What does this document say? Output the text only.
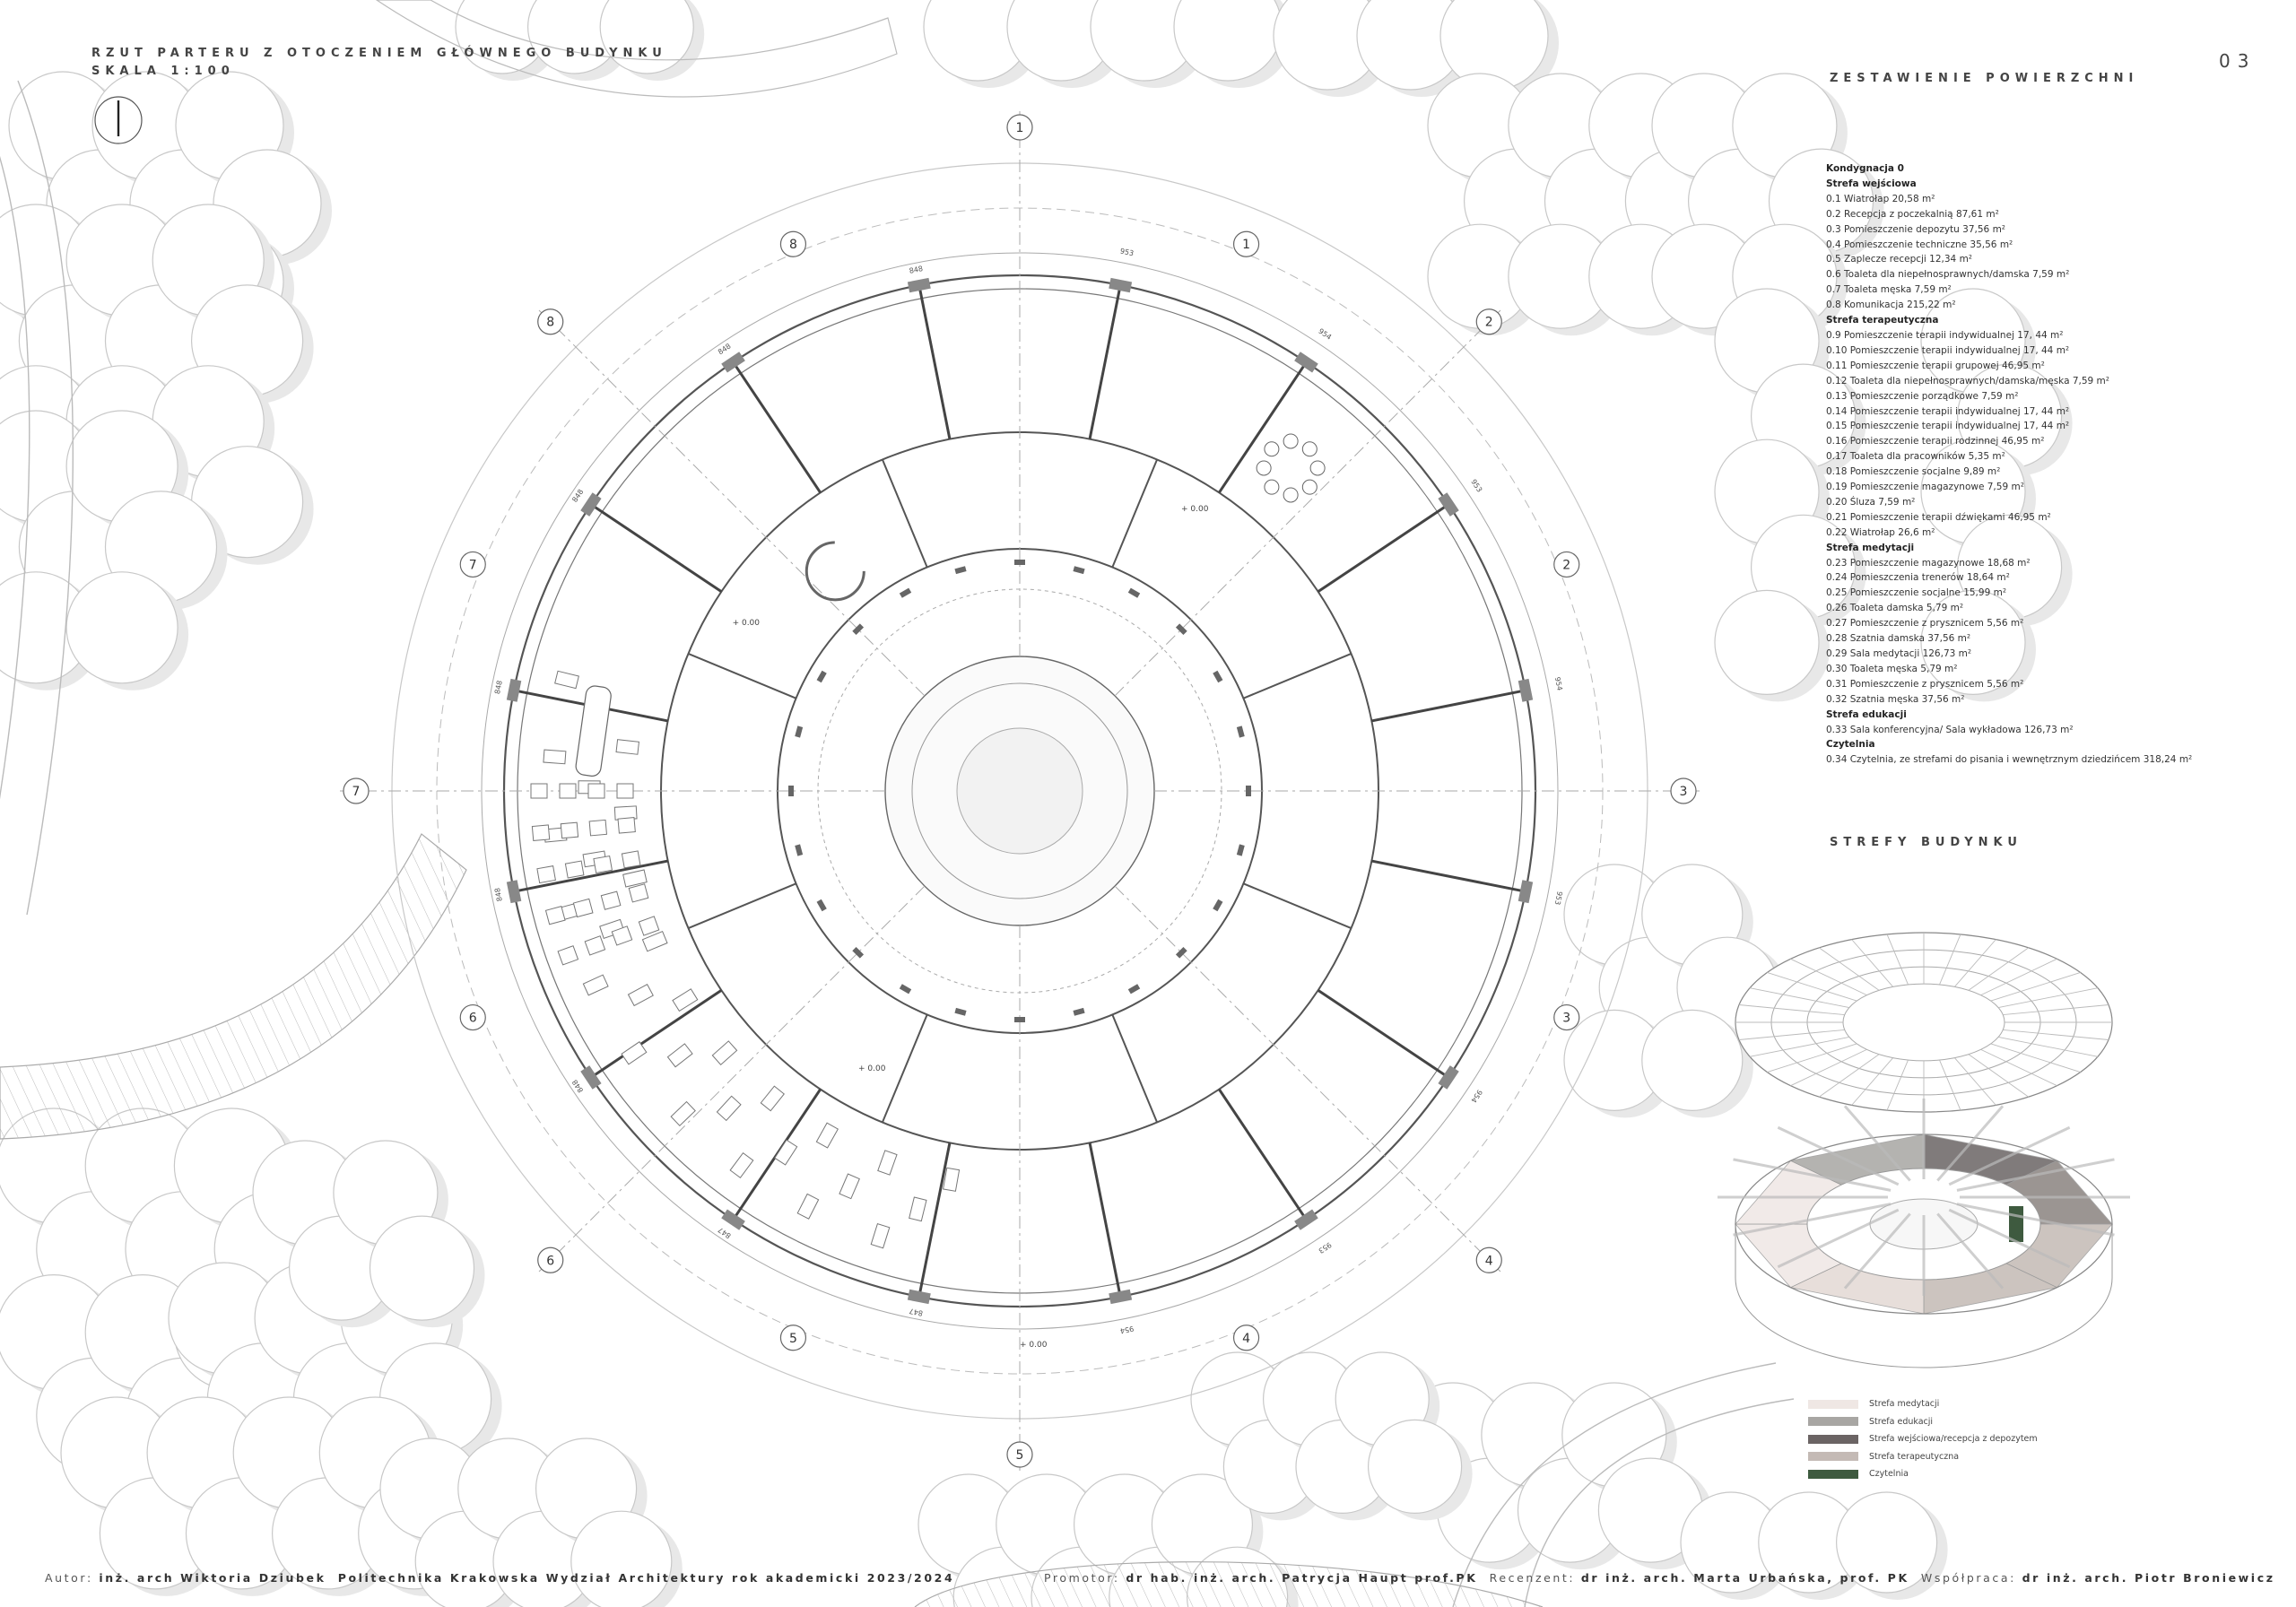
1
2
3
4
5
6
7
8
1
2
3
4
5
6
7
8
+ 0.00
+ 0.00
+ 0.00
+ 0.00
953
954
953
954
953
954
953
954
847
847
848
848
848
848
848
848
RZUT PARTERU Z OTOCZENIEM GŁÓWNEGO BUDYNKU
SKALA 1:100	03
ZESTAWIENIE POWIERZCHNI
STREFY BUDYNKU
Kondygnacja 0
Strefa wejściowa
0.1 Wiatrołap 20,58 m²
0.2 Recepcja z poczekalnią 87,61 m²
0.3 Pomieszczenie depozytu 37,56 m²
0.4 Pomieszczenie techniczne 35,56 m²
0.5 Zaplecze recepcji 12,34 m²
0.6 Toaleta dla niepełnosprawnych/damska 7,59 m²
0.7 Toaleta męska 7,59 m²
0.8 Komunikacja 215,22 m²
Strefa terapeutyczna
0.9 Pomieszczenie terapii indywidualnej 17, 44 m²
0.10 Pomieszczenie terapii indywidualnej 17, 44 m²
0.11 Pomieszczenie terapii grupowej 46,95 m²
0.12 Toaleta dla niepełnosprawnych/damska/męska 7,59 m²
0.13 Pomieszczenie porządkowe 7,59 m²
0.14 Pomieszczenie terapii indywidualnej 17, 44 m²
0.15 Pomieszczenie terapii indywidualnej 17, 44 m²
0.16 Pomieszczenie terapii rodzinnej 46,95 m²
0.17 Toaleta dla pracowników 5,35 m²
0.18 Pomieszczenie socjalne 9,89 m²
0.19 Pomieszczenie magazynowe 7,59 m²
0.20 Śluza 7,59 m²
0.21 Pomieszczenie terapii dźwiękami 46,95 m²
0.22 Wiatrołap 26,6 m²
Strefa medytacji
0.23 Pomieszczenie magazynowe 18,68 m²
0.24 Pomieszczenia trenerów 18,64 m²
0.25 Pomieszczenie socjalne 15,99 m²
0.26 Toaleta damska 5,79 m²
0.27 Pomieszczenie z prysznicem 5,56 m²
0.28 Szatnia damska 37,56 m²
0.29 Sala medytacji 126,73 m²
0.30 Toaleta męska 5,79 m²
0.31 Pomieszczenie z prysznicem 5,56 m²
0.32 Szatnia męska 37,56 m²
Strefa edukacji
0.33 Sala konferencyjna/ Sala wykładowa 126,73 m²
Czytelnia
0.34 Czytelnia, ze strefami do pisania i wewnętrznym dziedzińcem 318,24 m²
Strefa medytacji
Strefa edukacji
Strefa wejściowa/recepcja z depozytem
Strefa terapeutyczna
Czytelnia
Autor: inż. arch Wiktoria Dziubek Politechnika Krakowska Wydział Architektury rok akademicki 2023/2024	Promotor: dr hab. inż. arch. Patrycja Haupt prof.PK Recenzent: dr inż. arch. Marta Urbańska, prof. PK Współpraca: dr inż. arch. Piotr Broniewicz
